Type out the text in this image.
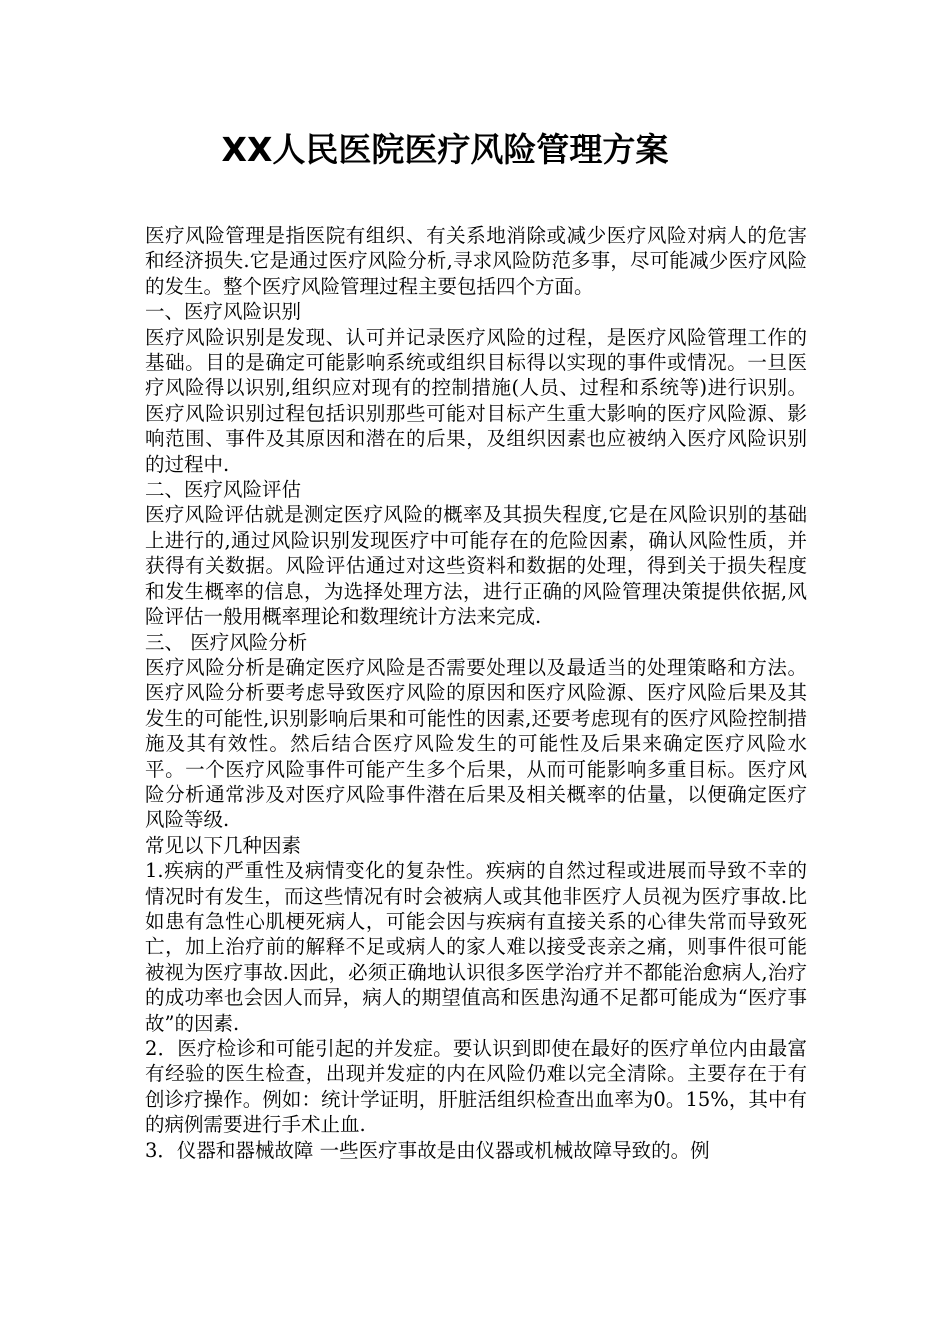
XX人民医院医疗风险管理方案

医疗风险管理是指医院有组织、有关系地消除或减少医疗风险对病人的危害和经济损失.它是通过医疗风险分析,寻求风险防范多事，尽可能减少医疗风险的发生。整个医疗风险管理过程主要包括四个方面。

一、医疗风险识别

医疗风险识别是发现、认可并记录医疗风险的过程，是医疗风险管理工作的基础。目的是确定可能影响系统或组织目标得以实现的事件或情况。一旦医疗风险得以识别,组织应对现有的控制措施(人员、过程和系统等)进行识别。医疗风险识别过程包括识别那些可能对目标产生重大影响的医疗风险源、影响范围、事件及其原因和潜在的后果，及组织因素也应被纳入医疗风险识别的过程中.

二、医疗风险评估

医疗风险评估就是测定医疗风险的概率及其损失程度,它是在风险识别的基础上进行的,通过风险识别发现医疗中可能存在的危险因素，确认风险性质，并获得有关数据。风险评估通过对这些资料和数据的处理，得到关于损失程度和发生概率的信息，为选择处理方法，进行正确的风险管理决策提供依据,风险评估一般用概率理论和数理统计方法来完成.

三、 医疗风险分析

医疗风险分析是确定医疗风险是否需要处理以及最适当的处理策略和方法。医疗风险分析要考虑导致医疗风险的原因和医疗风险源、医疗风险后果及其发生的可能性,识别影响后果和可能性的因素,还要考虑现有的医疗风险控制措施及其有效性。然后结合医疗风险发生的可能性及后果来确定医疗风险水平。一个医疗风险事件可能产生多个后果，从而可能影响多重目标。医疗风险分析通常涉及对医疗风险事件潜在后果及相关概率的估量，以便确定医疗风险等级.

常见以下几种因素

1.疾病的严重性及病情变化的复杂性。疾病的自然过程或进展而导致不幸的情况时有发生，而这些情况有时会被病人或其他非医疗人员视为医疗事故.比如患有急性心肌梗死病人，可能会因与疾病有直接关系的心律失常而导致死亡，加上治疗前的解释不足或病人的家人难以接受丧亲之痛，则事件很可能被视为医疗事故.因此，必须正确地认识很多医学治疗并不都能治愈病人,治疗的成功率也会因人而异，病人的期望值高和医患沟通不足都可能成为“医疗事故”的因素.

2．医疗检诊和可能引起的并发症。要认识到即使在最好的医疗单位内由最富有经验的医生检查，出现并发症的内在风险仍难以完全清除。主要存在于有创诊疗操作。例如：统计学证明，肝脏活组织检查出血率为0。15%，其中有的病例需要进行手术止血.

3．仪器和器械故障 一些医疗事故是由仪器或机械故障导致的。例
